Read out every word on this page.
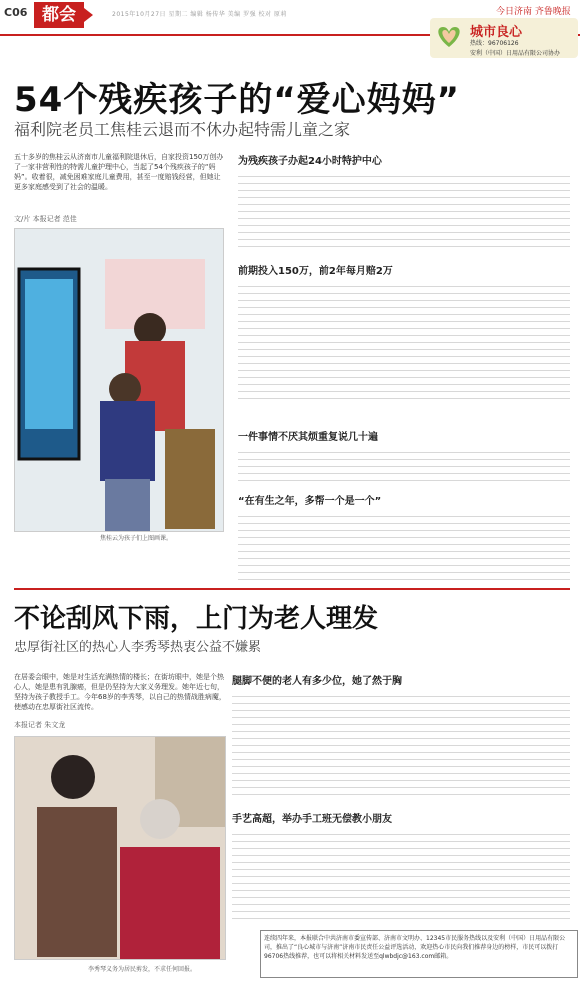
C06 都会	2015年10月27日 星期二 编辑 杨传华 美编 罗强 校对 原莉	今日济南 齐鲁晚报
城市良心
热线：96706126
安利（中国）日用品有限公司协办
54个残疾孩子的“爱心妈妈”
福利院老员工焦桂云退而不休办起特需儿童之家
五十多岁的焦桂云从济南市儿童福利院退休后，自家投资150万创办了一家非营利性的特需儿童护理中心，当起了54个残疾孩子的“妈妈”。收着很，减免困难家庭儿童费用，甚至一度赔钱经营，但她让更多家庭感受到了社会的温暖。
文/片 本报记者 范佳
焦桂云为孩子们上图画课。
为残疾孩子办起24小时特护中心
前期投入150万，前2年每月赔2万
一件事情不厌其烦重复说几十遍
“在有生之年，多帮一个是一个”
不论刮风下雨，上门为老人理发
忠厚街社区的热心人李秀琴热衷公益不嫌累
在居委会眼中，她是对生活充满热情的楼长；在街坊眼中，她是个热心人，她是患有乳腺癌，但是仍坚持为大家义务理发。她年近七旬，坚持为孩子教授手工。今年68岁的李秀琴，以自己的热情战胜病魔，使感动在忠厚街社区流传。
本报记者 朱文龙
李秀琴义务为居民剪发，不求任何回报。
腿脚不便的老人有多少位，她了然于胸
手艺高超，举办手工班无偿教小朋友
连续四年来，本报联合中共济南市委宣传部、济南市文明办、12345市民服务热线以及安利（中国）日用品有限公司，推出了“良心城市与济南”济南市民责任公益评选活动，欢迎热心市民向我们推荐身边的榜样，市民可以拨打96706热线推荐，也可以将相关材料发送至qlwbdjc@163.com邮箱。
